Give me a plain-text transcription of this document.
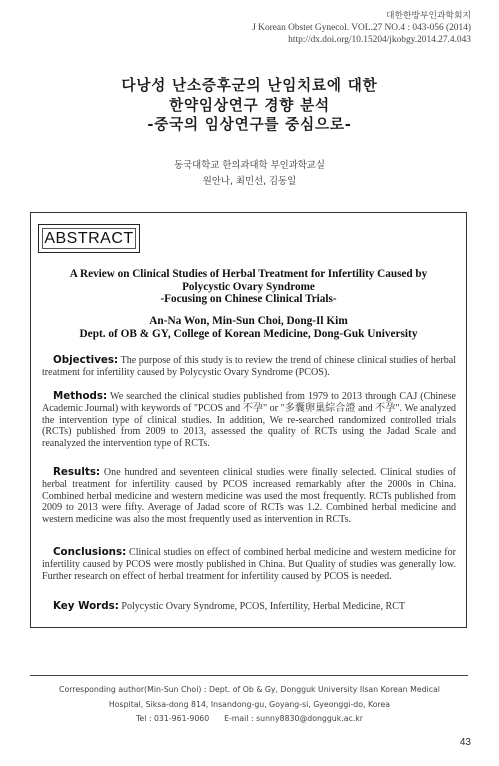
대한한방부인과학회지
J Korean Obstet Gynecol. VOL.27 NO.4 : 043-056 (2014)
http://dx.doi.org/10.15204/jkobgy.2014.27.4.043
다낭성 난소증후군의 난임치료에 대한
한약임상연구 경향 분석
-중국의 임상연구를 중심으로-
동국대학교 한의과대학 부인과학교실
원안나, 최민선, 김동일
ABSTRACT
A Review on Clinical Studies of Herbal Treatment for Infertility Caused by
Polycystic Ovary Syndrome
-Focusing on Chinese Clinical Trials-
An-Na Won, Min-Sun Choi, Dong-Il Kim
Dept. of OB & GY, College of Korean Medicine, Dong-Guk University
Objectives: The purpose of this study is to review the trend of chinese clinical studies of herbal treatment for infertility caused by Polycystic Ovary Syndrome (PCOS).
Methods: We searched the clinical studies published from 1979 to 2013 through CAJ (Chinese Academic Journal) with keywords of "PCOS and 不孕" or "多囊卵巢綜合證 and 不孕". We analyzed the intervention type of clinical studies. In addition, We re-searched randomized controlled trials (RCTs) published from 2009 to 2013, assessed the quality of RCTs using the Jadad Scale and reanalyzed the intervention type of RCTs.
Results: One hundred and seventeen clinical studies were finally selected. Clinical studies of herbal treatment for infertility caused by PCOS increased remarkably after the 2000s in China. Combined herbal medicine and western medicine was used the most frequently. RCTs published from 2009 to 2013 were fifty. Average of Jadad score of RCTs was 1.2. Combined herbal medicine and western medicine was also the most frequently used as intervention in RCTs.
Conclusions: Clinical studies on effect of combined herbal medicine and western medicine for infertility caused by PCOS were mostly published in China. But Quality of studies was generally low. Further research on effect of herbal treatment for infertility caused by PCOS is needed.
Key Words: Polycystic Ovary Syndrome, PCOS, Infertility, Herbal Medicine, RCT
Corresponding author(Min-Sun Choi) : Dept. of Ob & Gy, Dongguk University Ilsan Korean Medical
Hospital, Siksa-dong 814, Insandong-gu, Goyang-si, Gyeonggi-do, Korea
Tel : 031-961-9060      E-mail : sunny8830@dongguk.ac.kr
43
